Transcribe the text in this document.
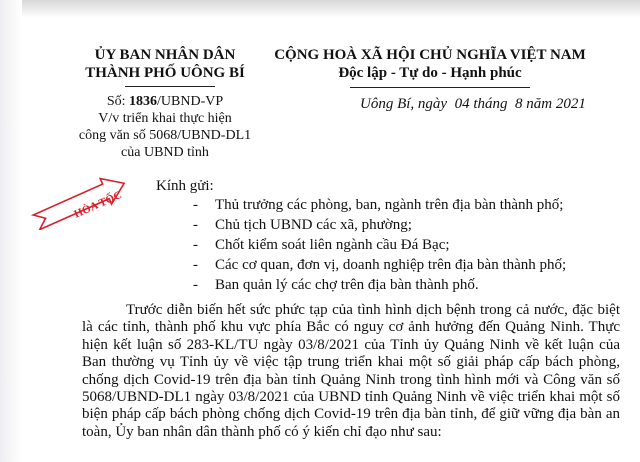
ỦY BAN NHÂN DÂN
THÀNH PHỐ UÔNG BÍ
Số: 1836/UBND-VP
V/v triển khai thực hiện
công văn số 5068/UBND-DL1
của UBND tỉnh
CỘNG HOÀ XÃ HỘI CHỦ NGHĨA VIỆT NAM
Độc lập - Tự do - Hạnh phúc
Uông Bí, ngày  04 tháng  8 năm 2021
HỎA TỐC
Kính gửi:
- Thủ trưởng các phòng, ban, ngành trên địa bàn thành phố;
- Chủ tịch UBND các xã, phường;
- Chốt kiểm soát liên ngành cầu Đá Bạc;
- Các cơ quan, đơn vị, doanh nghiệp trên địa bàn thành phố;
- Ban quản lý các chợ trên địa bàn thành phố.
Trước diễn biến hết sức phức tạp của tình hình dịch bệnh trong cả nước, đặc biệt là các tỉnh, thành phố khu vực phía Bắc có nguy cơ ảnh hưởng đến Quảng Ninh. Thực hiện kết luận số 283-KL/TU ngày 03/8/2021 của Tỉnh ủy Quảng Ninh về kết luận của Ban thường vụ Tỉnh ủy về việc tập trung triển khai một số giải pháp cấp bách phòng, chống dịch Covid-19 trên địa bàn tỉnh Quảng Ninh trong tình hình mới và Công văn số 5068/UBND-DL1 ngày 03/8/2021 của UBND tỉnh Quảng Ninh về việc triển khai một số biện pháp cấp bách phòng chống dịch Covid-19 trên địa bàn tỉnh, để giữ vững địa bàn an toàn, Ủy ban nhân dân thành phố có ý kiến chỉ đạo như sau:
